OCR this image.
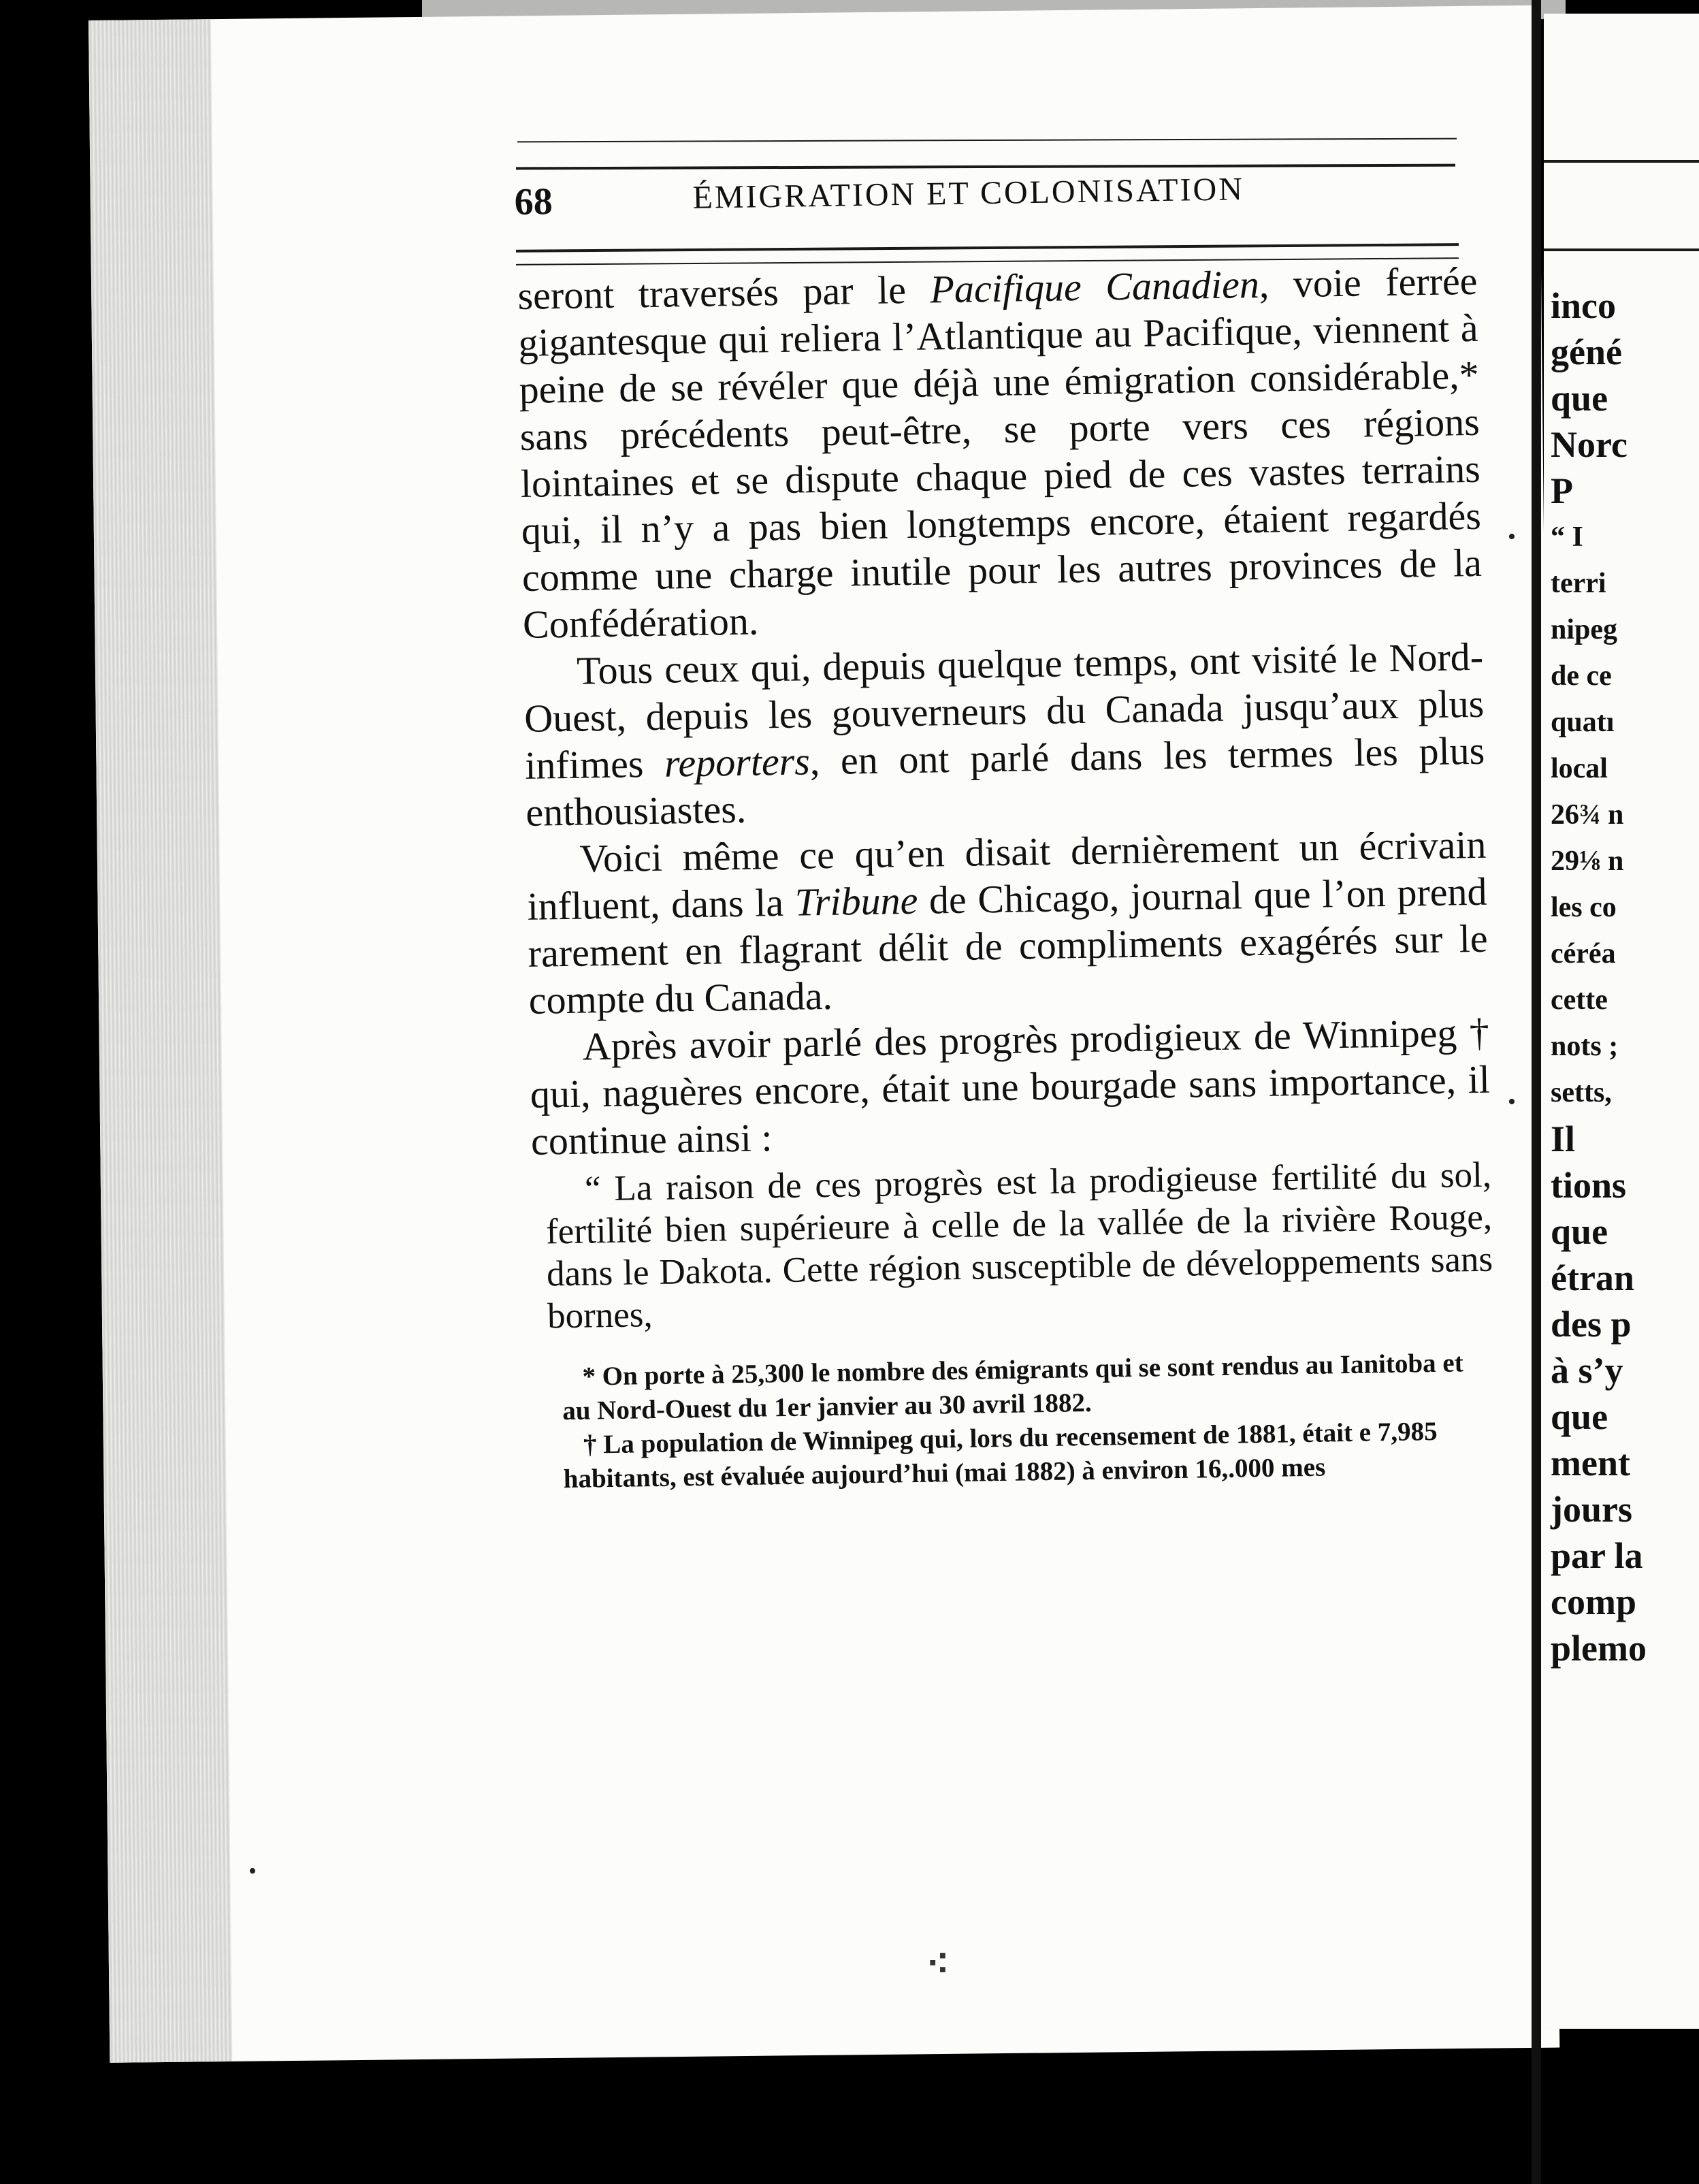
68	ÉMIGRATION ET COLONISATION

seront traversés par le Pacifique Canadien, voie ferrée gigantesque qui reliera l’Atlantique au Pacifique, viennent à peine de se révéler que déjà une émigration considérable,* sans précédents peut-être, se porte vers ces régions lointaines et se dispute chaque pied de ces vastes terrains qui, il n’y a pas bien longtemps encore, étaient regardés comme une charge inutile pour les autres provinces de la Confédération.

Tous ceux qui, depuis quelque temps, ont visité le Nord-Ouest, depuis les gouverneurs du Canada jusqu’aux plus infimes reporters, en ont parlé dans les termes les plus enthousiastes.

Voici même ce qu’en disait dernièrement un écrivain influent, dans la Tribune de Chicago, journal que l’on prend rarement en flagrant délit de compliments exagérés sur le compte du Canada.

Après avoir parlé des progrès prodigieux de Winnipeg † qui, naguères encore, était une bourgade sans importance, il continue ainsi :

“ La raison de ces progrès est la prodigieuse fertilité du sol, fertilité bien supérieure à celle de la vallée de la rivière Rouge, dans le Dakota. Cette région susceptible de développements sans bornes,

* On porte à 25,300 le nombre des émigrants qui se sont rendus au Ianitoba et au Nord-Ouest du 1er janvier au 30 avril 1882.

† La population de Winnipeg qui, lors du recensement de 1881, était e 7,985 habitants, est évaluée aujourd’hui (mai 1882) à environ 16,.000 mes

•
•
•
⁖
inco
géné
que
Norc
P
“ I
terri
nipeg
de ce
quatı
local
26¾ n
29⅛ n
les co
céréa
cette
nots ;
setts,
Il
tions
que
étran
des p
à s’y
que
ment
jours
par la
comp
plemo
